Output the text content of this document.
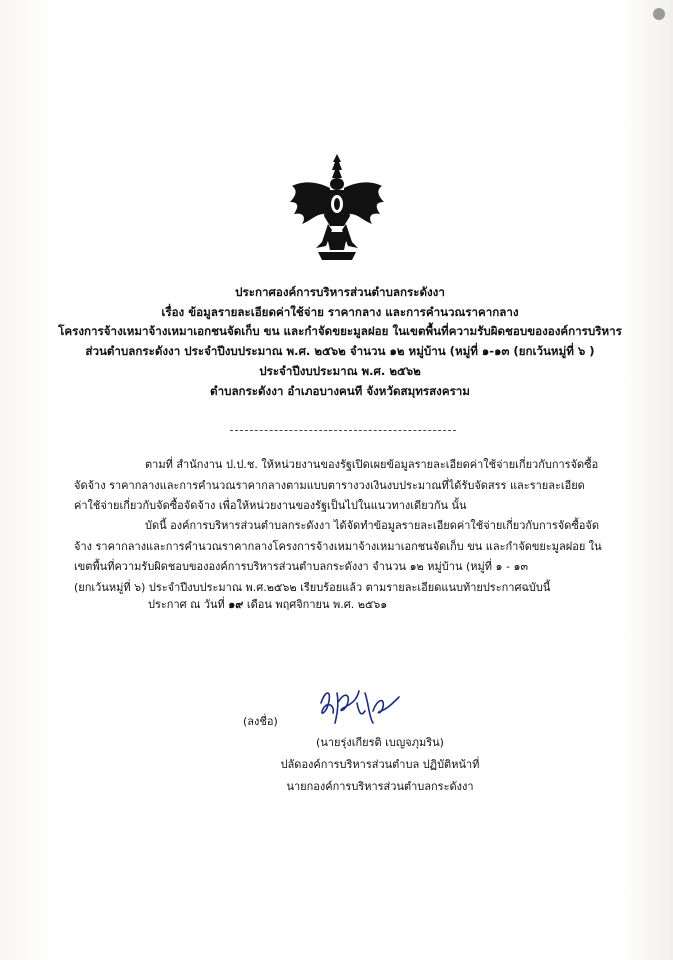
ประกาศองค์การบริหารส่วนตำบลกระดังงา
เรื่อง ข้อมูลรายละเอียดค่าใช้จ่าย ราคากลาง และการคำนวณราคากลาง
โครงการจ้างเหมาจ้างเหมาเอกชนจัดเก็บ ขน และกำจัดขยะมูลฝอย ในเขตพื้นที่ความรับผิดชอบขององค์การบริหาร
ส่วนตำบลกระดังงา ประจำปีงบประมาณ พ.ศ. ๒๕๖๒ จำนวน ๑๒ หมู่บ้าน (หมู่ที่ ๑-๑๓ (ยกเว้นหมู่ที่ ๖ )
ประจำปีงบประมาณ พ.ศ. ๒๕๖๒
ตำบลกระดังงา อำเภอบางคนที จังหวัดสมุทรสงคราม
ตามที่ สำนักงาน ป.ป.ช. ให้หน่วยงานของรัฐเปิดเผยข้อมูลรายละเอียดค่าใช้จ่ายเกี่ยวกับการจัดซื้อ
จัดจ้าง ราคากลางและการคำนวณราคากลางตามแบบตารางวงเงินงบประมาณที่ได้รับจัดสรร และรายละเอียด
ค่าใช้จ่ายเกี่ยวกับจัดซื้อจัดจ้าง เพื่อให้หน่วยงานของรัฐเป็นไปในแนวทางเดียวกัน นั้น
บัดนี้ องค์การบริหารส่วนตำบลกระดังงา ได้จัดทำข้อมูลรายละเอียดค่าใช้จ่ายเกี่ยวกับการจัดซื้อจัด
จ้าง ราคากลางและการคำนวณราคากลางโครงการจ้างเหมาจ้างเหมาเอกชนจัดเก็บ ขน และกำจัดขยะมูลฝอย ใน
เขตพื้นที่ความรับผิดชอบขององค์การบริหารส่วนตำบลกระดังงา จำนวน ๑๒ หมู่บ้าน (หมู่ที่ ๑ - ๑๓
(ยกเว้นหมู่ที่ ๖) ประจำปีงบประมาณ พ.ศ.๒๕๖๒ เรียบร้อยแล้ว ตามรายละเอียดแนบท้ายประกาศฉบับนี้
ประกาศ ณ วันที่ ๑๙ เดือน พฤศจิกายน พ.ศ. ๒๕๖๑
(ลงชื่อ)
(นายรุ่งเกียรติ เบญจภุมริน)
ปลัดองค์การบริหารส่วนตำบล ปฏิบัติหน้าที่
นายกองค์การบริหารส่วนตำบลกระดังงา
